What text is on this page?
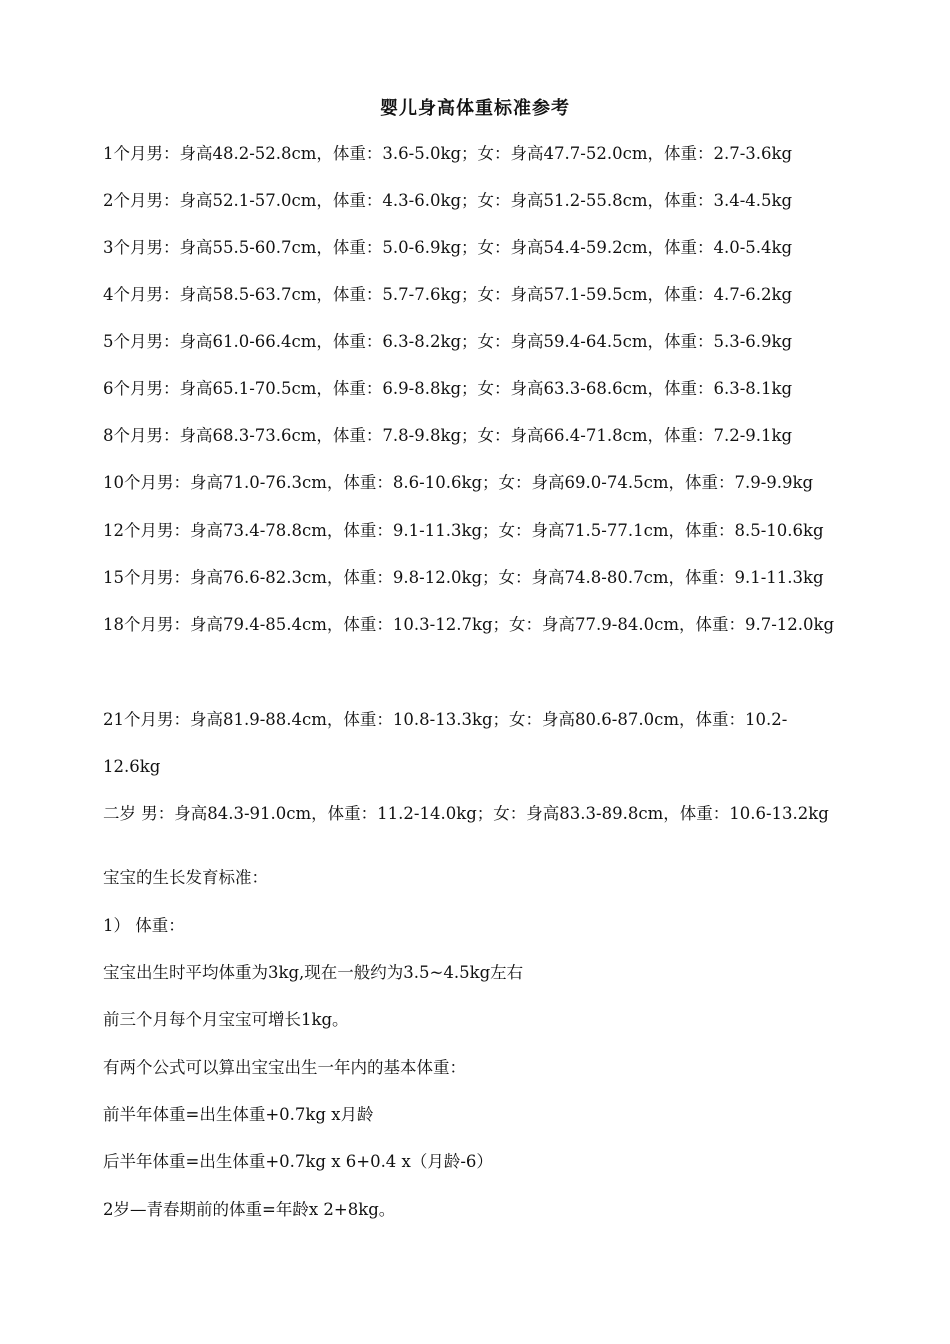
婴儿身高体重标准参考
1个月男：身高48.2-52.8cm，体重：3.6-5.0kg；女：身高47.7-52.0cm，体重：2.7-3.6kg
2个月男：身高52.1-57.0cm，体重：4.3-6.0kg；女：身高51.2-55.8cm，体重：3.4-4.5kg
3个月男：身高55.5-60.7cm，体重：5.0-6.9kg；女：身高54.4-59.2cm，体重：4.0-5.4kg
4个月男：身高58.5-63.7cm，体重：5.7-7.6kg；女：身高57.1-59.5cm，体重：4.7-6.2kg
5个月男：身高61.0-66.4cm，体重：6.3-8.2kg；女：身高59.4-64.5cm，体重：5.3-6.9kg
6个月男：身高65.1-70.5cm，体重：6.9-8.8kg；女：身高63.3-68.6cm，体重：6.3-8.1kg
8个月男：身高68.3-73.6cm，体重：7.8-9.8kg；女：身高66.4-71.8cm，体重：7.2-9.1kg
10个月男：身高71.0-76.3cm，体重：8.6-10.6kg；女：身高69.0-74.5cm，体重：7.9-9.9kg
12个月男：身高73.4-78.8cm，体重：9.1-11.3kg；女：身高71.5-77.1cm，体重：8.5-10.6kg
15个月男：身高76.6-82.3cm，体重：9.8-12.0kg；女：身高74.8-80.7cm，体重：9.1-11.3kg
18个月男：身高79.4-85.4cm，体重：10.3-12.7kg；女：身高77.9-84.0cm，体重：9.7-12.0kg
21个月男：身高81.9-88.4cm，体重：10.8-13.3kg；女：身高80.6-87.0cm，体重：10.2-
12.6kg
二岁 男：身高84.3-91.0cm，体重：11.2-14.0kg；女：身高83.3-89.8cm，体重：10.6-13.2kg
宝宝的生长发育标准：
1） 体重：
宝宝出生时平均体重为3kg,现在一般约为3.5~4.5kg左右
前三个月每个月宝宝可增长1kg。
有两个公式可以算出宝宝出生一年内的基本体重：
前半年体重=出生体重+0.7kg x月龄
后半年体重=出生体重+0.7kg x 6+0.4 x（月龄-6）
2岁—青春期前的体重=年龄x 2+8kg。
